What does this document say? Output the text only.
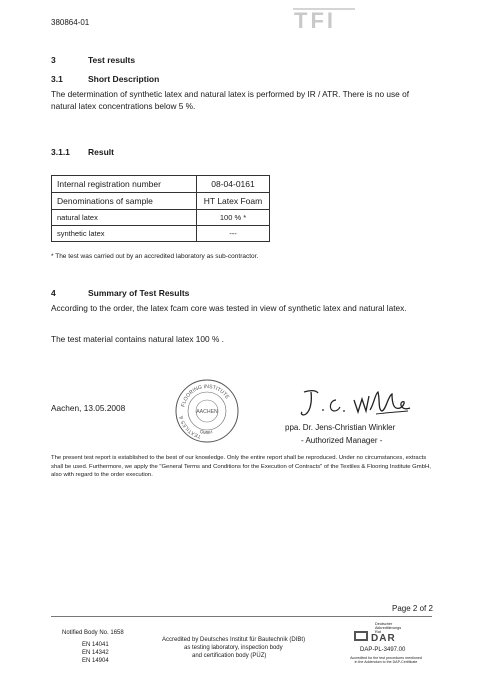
380864-01	TFI
3	Test results
3.1	Short Description
The determination of synthetic latex and natural latex is performed by IR / ATR. There is no use of natural latex concentrations below 5 %.
3.1.1 Result
Internal registration number	08-04-0161
Denominations of sample	HT Latex Foam
natural latex	100 % *
synthetic latex	---
* The test was carried out by an accredited laboratory as sub-contractor.
4	Summary of Test Results
According to the order, the latex fcam core was tested in view of synthetic latex and natural latex.
The test material contains natural latex 100 % .
Aachen, 13.05.2008	FLOORING INSTITUTE
TEXTILES &
GMBH
AACHEN
ppa. Dr. Jens-Christian Winkler
- Authorized Manager -
The present test report is established to the best of our knowledge. Only the entire report shall be reproduced. Under no circumstances, extracts shall be used. Furthermore, we apply the "General Terms and Conditions for the Execution of Contracts" of the Textiles & Flooring Institute GmbH, also with regard to the order execution.
Page 2 of 2
Notified Body No. 1658
EN 14041
EN 14342
EN 14904
Accredited by Deutsches Institut für Bautechnik (DIBt)
as testing laboratory, inspection body
and certification body (PÜZ)
Deutscher
Akkreditierungs
Rat
DAR
DAP-PL-3497.00
Accredited for the test procedures mentioned
in the Addendum to the DAP-Certificate
